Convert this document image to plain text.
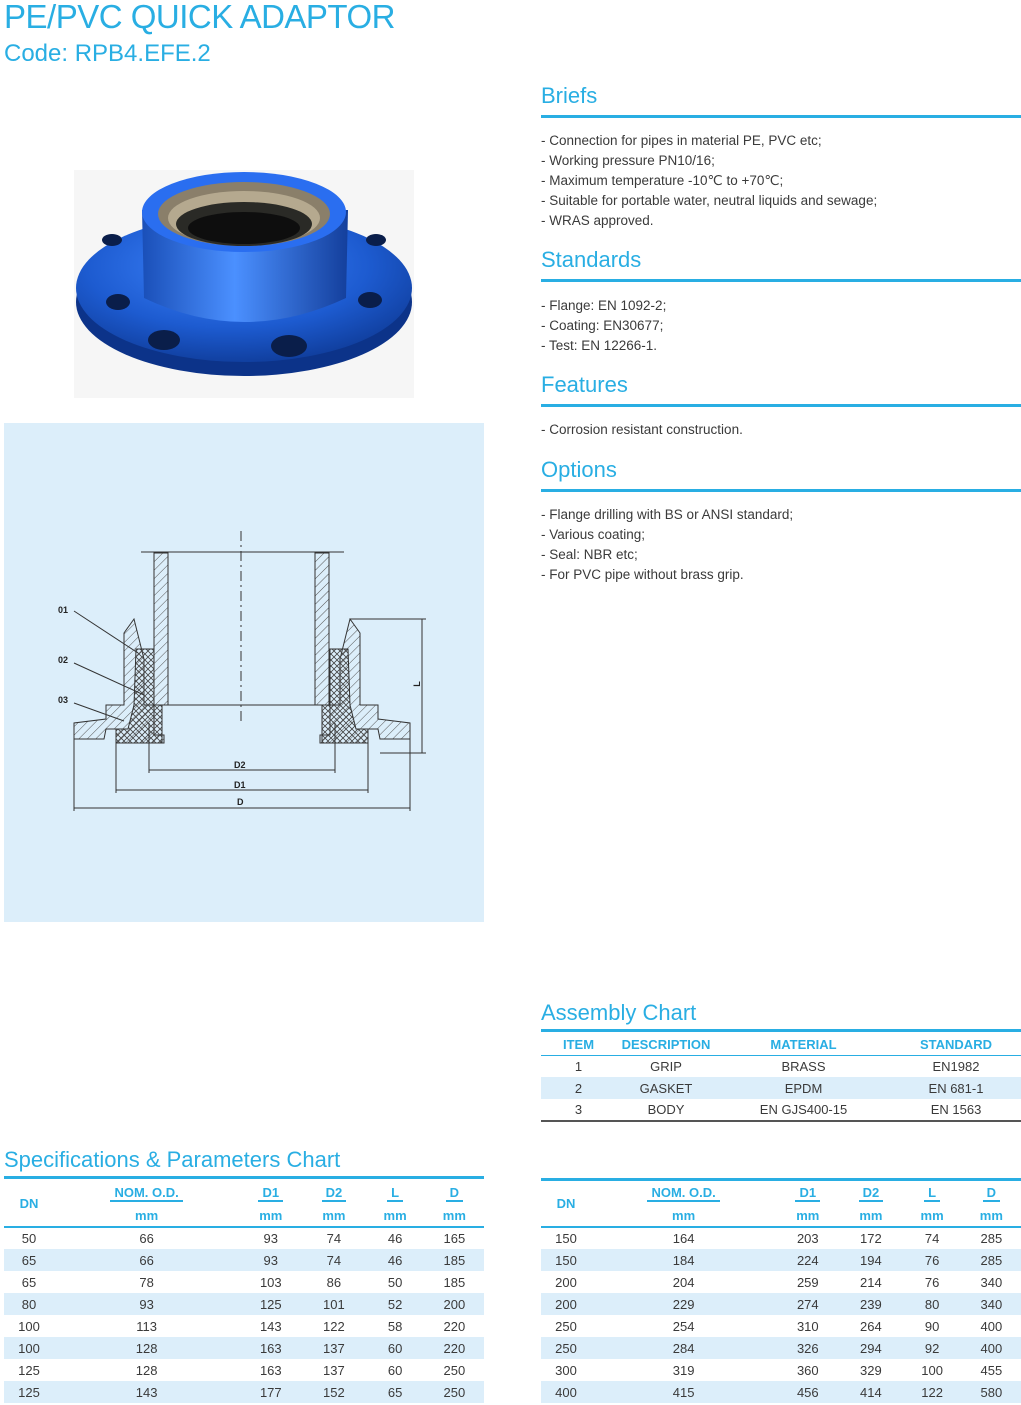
PE/PVC QUICK ADAPTOR
Code: RPB4.EFE.2
01
02
03
D2
D1
D
L
Briefs
- Connection for pipes in material PE, PVC etc;
- Working pressure PN10/16;
- Maximum temperature -10℃ to +70℃;
- Suitable for portable water, neutral liquids and sewage;
- WRAS approved.
Standards
- Flange: EN 1092-2;
- Coating: EN30677;
- Test: EN 12266-1.
Features
- Corrosion resistant construction.
Options
- Flange drilling with BS or ANSI standard;
- Various coating;
- Seal: NBR etc;
- For PVC pipe without brass grip.
Assembly Chart
ITEM	DESCRIPTION	MATERIAL	STANDARD
1	GRIP	BRASS	EN1982
2	GASKET	EPDM	EN 681-1
3	BODY	EN GJS400-15	EN 1563
Specifications & Parameters Chart
DN	NOM. O.D.	D1	D2	L	D
	mm	mm	mm	mm	mm
50	66	93	74	46	165
65	66	93	74	46	185
65	78	103	86	50	185
80	93	125	101	52	200
100	113	143	122	58	220
100	128	163	137	60	220
125	128	163	137	60	250
125	143	177	152	65	250
DN	NOM. O.D.	D1	D2	L	D
	mm	mm	mm	mm	mm
150	164	203	172	74	285
150	184	224	194	76	285
200	204	259	214	76	340
200	229	274	239	80	340
250	254	310	264	90	400
250	284	326	294	92	400
300	319	360	329	100	455
400	415	456	414	122	580
